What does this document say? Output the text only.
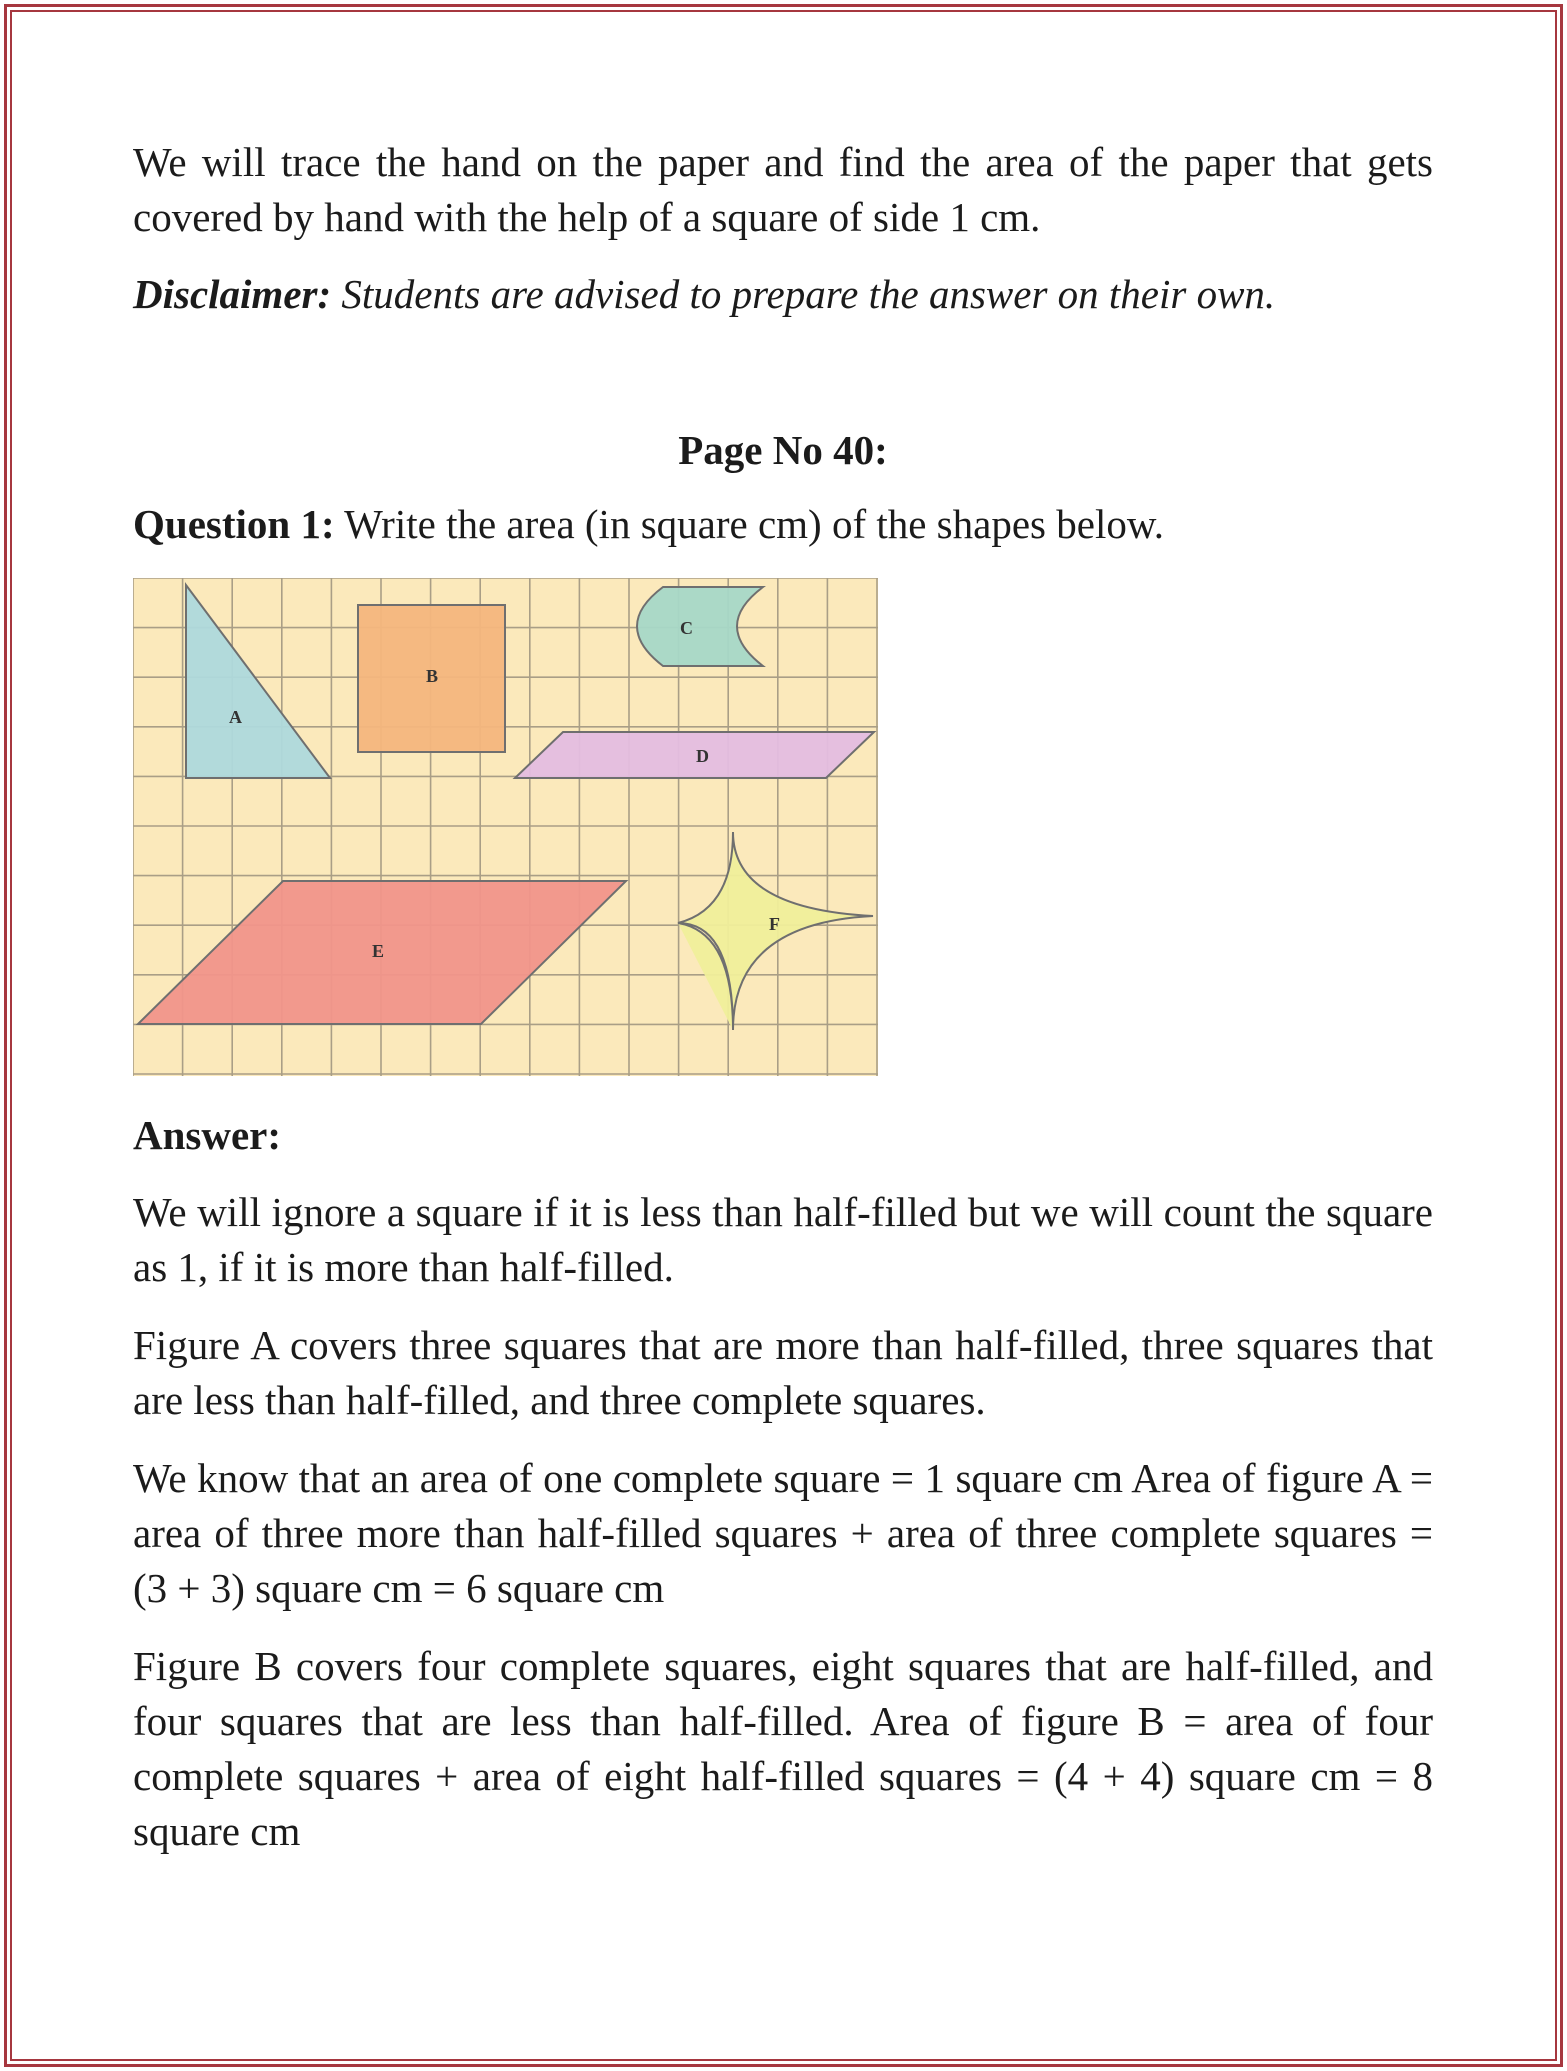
We will trace the hand on the paper and find the area of the paper that gets covered by hand with the help of a square of side 1 cm.

Disclaimer: Students are advised to prepare the answer on their own.

Page No 40:

Question 1: Write the area (in square cm) of the shapes below.

Answer:

We will ignore a square if it is less than half-filled but we will count the square as 1, if it is more than half-filled.

Figure A covers three squares that are more than half-filled, three squares that are less than half-filled, and three complete squares.

We know that an area of one complete square = 1 square cm Area of figure A = area of three more than half-filled squares + area of three complete squares = (3 + 3) square cm = 6 square cm

Figure B covers four complete squares, eight squares that are half-filled, and four squares that are less than half-filled. Area of figure B = area of four complete squares + area of eight half-filled squares = (4 + 4) square cm = 8 square cm

A
B
C
D
E
F
